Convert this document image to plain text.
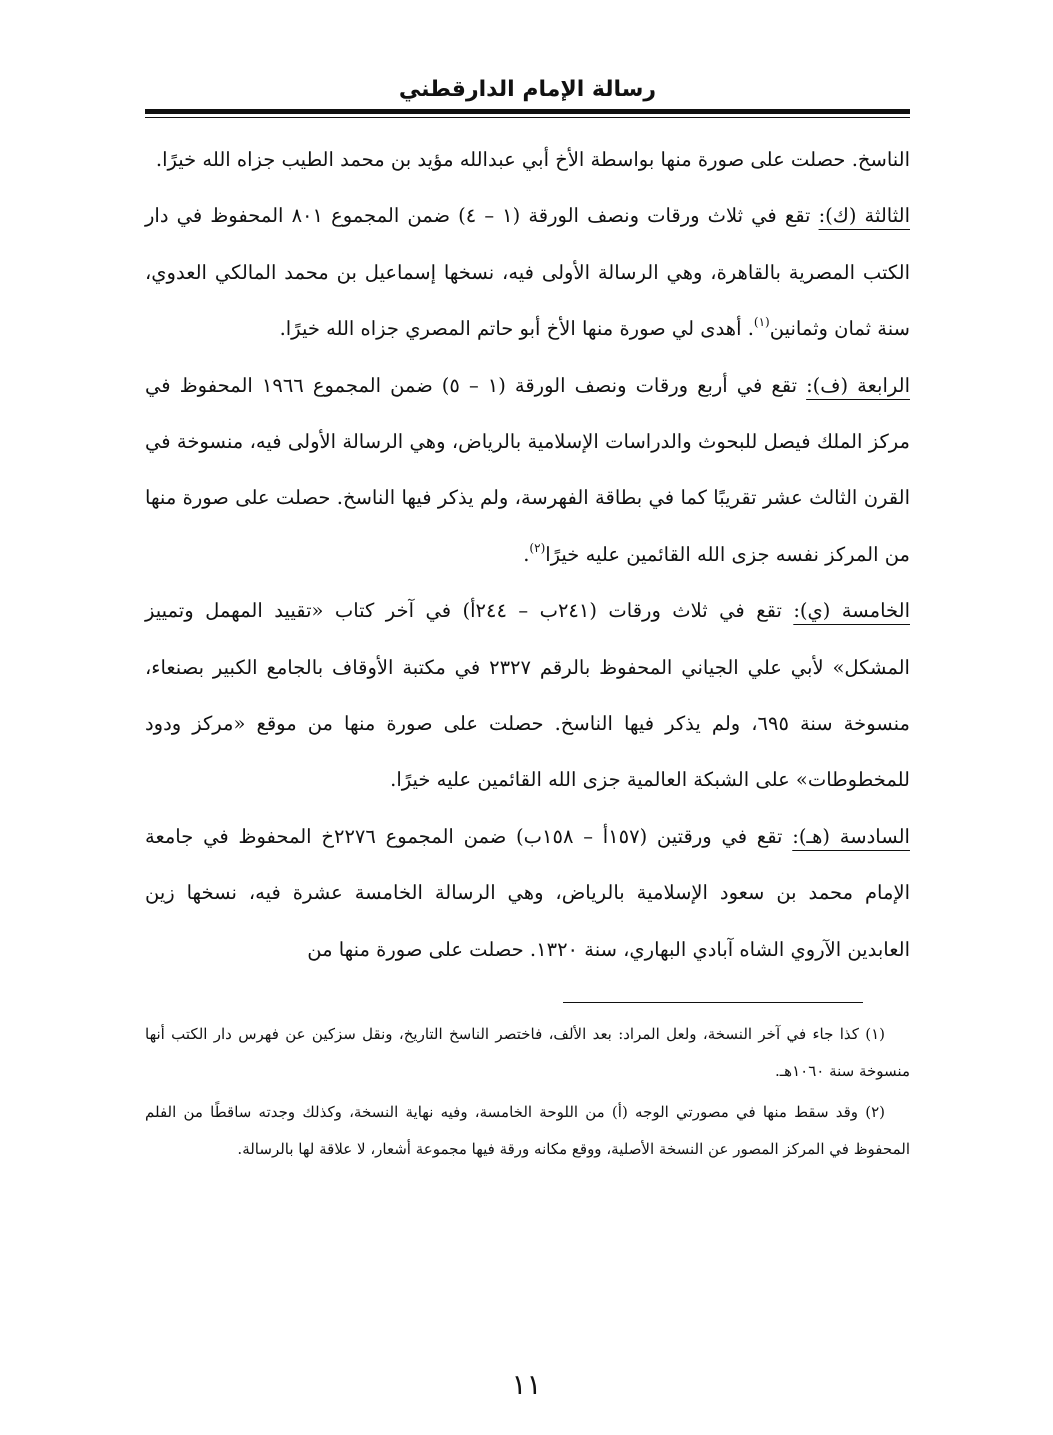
رسالة الإمام الدارقطني

الناسخ. حصلت على صورة منها بواسطة الأخ أبي عبدالله مؤيد بن محمد الطيب جزاه الله خيرًا.

الثالثة (ك): تقع في ثلاث ورقات ونصف الورقة (١ – ٤) ضمن المجموع ٨٠١ المحفوظ في دار الكتب المصرية بالقاهرة، وهي الرسالة الأولى فيه، نسخها إسماعيل بن محمد المالكي العدوي، سنة ثمان وثمانين$^{(١)}$. أهدى لي صورة منها الأخ أبو حاتم المصري جزاه الله خيرًا.

الرابعة (ف): تقع في أربع ورقات ونصف الورقة (١ – ٥) ضمن المجموع ١٩٦٦ المحفوظ في مركز الملك فيصل للبحوث والدراسات الإسلامية بالرياض، وهي الرسالة الأولى فيه، منسوخة في القرن الثالث عشر تقريبًا كما في بطاقة الفهرسة، ولم يذكر فيها الناسخ. حصلت على صورة منها من المركز نفسه جزى الله القائمين عليه خيرًا$^{(٢)}$.

الخامسة (ي): تقع في ثلاث ورقات (٢٤١ب – ٢٤٤أ) في آخر كتاب «تقييد المهمل وتمييز المشكل» لأبي علي الجياني المحفوظ بالرقم ٢٣٢٧ في مكتبة الأوقاف بالجامع الكبير بصنعاء، منسوخة سنة ٦٩٥، ولم يذكر فيها الناسخ. حصلت على صورة منها من موقع «مركز ودود للمخطوطات» على الشبكة العالمية جزى الله القائمين عليه خيرًا.

السادسة (هـ): تقع في ورقتين (١٥٧أ – ١٥٨ب) ضمن المجموع ٢٢٧٦خ المحفوظ في جامعة الإمام محمد بن سعود الإسلامية بالرياض، وهي الرسالة الخامسة عشرة فيه، نسخها زين العابدين الآروي الشاه آبادي البهاري، سنة ١٣٢٠. حصلت على صورة منها من

(١) كذا جاء في آخر النسخة، ولعل المراد: بعد الألف، فاختصر الناسخ التاريخ، ونقل سزكين عن فهرس دار الكتب أنها منسوخة سنة ١٠٦٠هـ.

(٢) وقد سقط منها في مصورتي الوجه (أ) من اللوحة الخامسة، وفيه نهاية النسخة، وكذلك وجدته ساقطًا من الفلم المحفوظ في المركز المصور عن النسخة الأصلية، ووقع مكانه ورقة فيها مجموعة أشعار، لا علاقة لها بالرسالة.

١١
